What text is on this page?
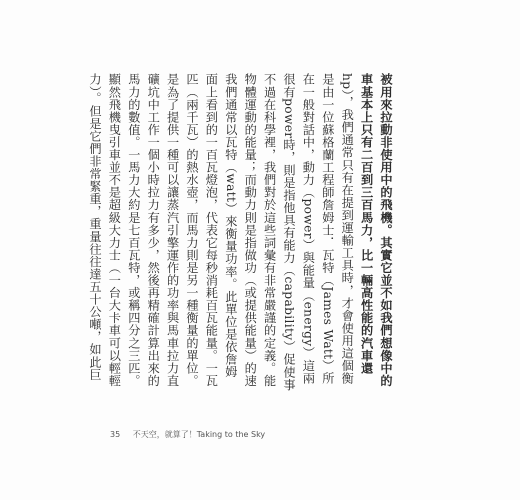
被用來拉動非使用中的飛機。其實它並不如我們想像中的
車基本上只有二百到三百馬力，比一輛高性能的汽車還
hp），我們通常只有在提到運輸工具時，才會使用這個衡
是由一位蘇格蘭工程師詹姆士．瓦特（James Watt）所
在一般對話中，動力（power）與能量（energy）這兩
很有power時，則是指他具有能力（capability）促使事
不過在科學裡，我們對於這些詞彙有非常嚴謹的定義。能
物體運動的能量；而動力則是指做功（或提供能量）的速
我們通常以瓦特（watt）來衡量功率。此單位是依詹姆
面上看到的一百瓦燈泡，代表它每秒消耗百瓦能量。一瓦
匹（兩千瓦）的熱水壺，而馬力則是另一種衡量的單位。
是為了提供一種可以讓蒸汽引擎運作的功率與馬車拉力直
礦坑中工作一個小時拉力有多少，然後再精確計算出來的
馬力的數值。一馬力大約是七百瓦特，或稱四分之三匹。
顯然飛機曳引車並不是超級大力士（一台大卡車可以輕輕
力）。但是它們非常緊重，重量往往達五十公噸，如此巨
35 不天空，就算了！Taking to the Sky
